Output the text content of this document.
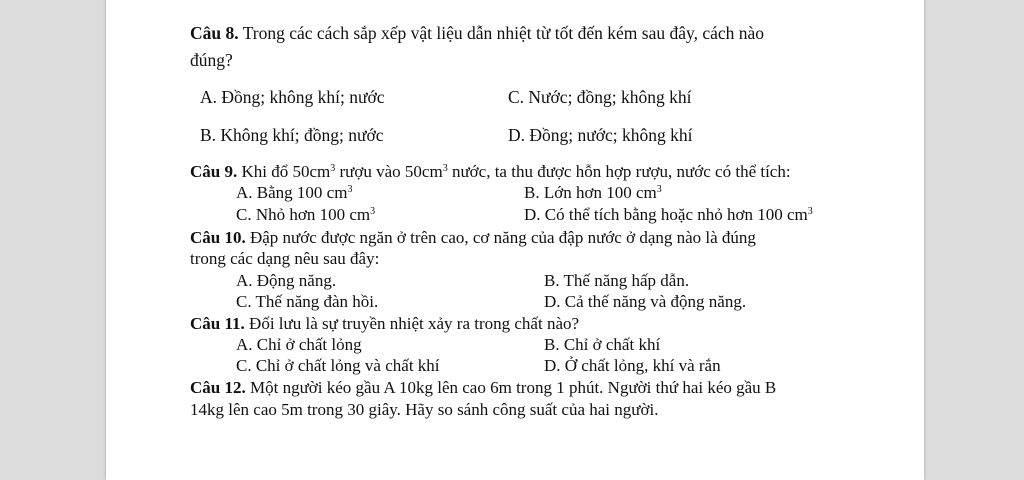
Câu 8. Trong các cách sắp xếp vật liệu dẫn nhiệt từ tốt đến kém sau đây, cách nào
đúng?
A. Đồng; không khí; nước	C. Nước; đồng; không khí
B. Không khí; đồng; nước	D. Đồng; nước; không khí
Câu 9. Khi đổ $50cm^3$ rượu vào $50cm^3$ nước, ta thu được hỗn hợp rượu, nước có thể tích:
A. Bằng 100 $cm^3$	B. Lớn hơn 100 $cm^3$
C. Nhỏ hơn 100 $cm^3$	D. Có thể tích bằng hoặc nhỏ hơn 100 $cm^3$
Câu 10. Đập nước được ngăn ở trên cao, cơ năng của đập nước ở dạng nào là đúng
trong các dạng nêu sau đây:
A. Động năng.	B. Thế năng hấp dẫn.
C. Thế năng đàn hồi.	D. Cả thế năng và động năng.
Câu 11. Đối lưu là sự truyền nhiệt xảy ra trong chất nào?
A. Chỉ ở chất lỏng	B. Chỉ ở chất khí
C. Chỉ ở chất lỏng và chất khí	D. Ở chất lỏng, khí và rắn
Câu 12. Một người kéo gầu A 10kg lên cao 6m trong 1 phút. Người thứ hai kéo gầu B
14kg lên cao 5m trong 30 giây. Hãy so sánh công suất của hai người.
